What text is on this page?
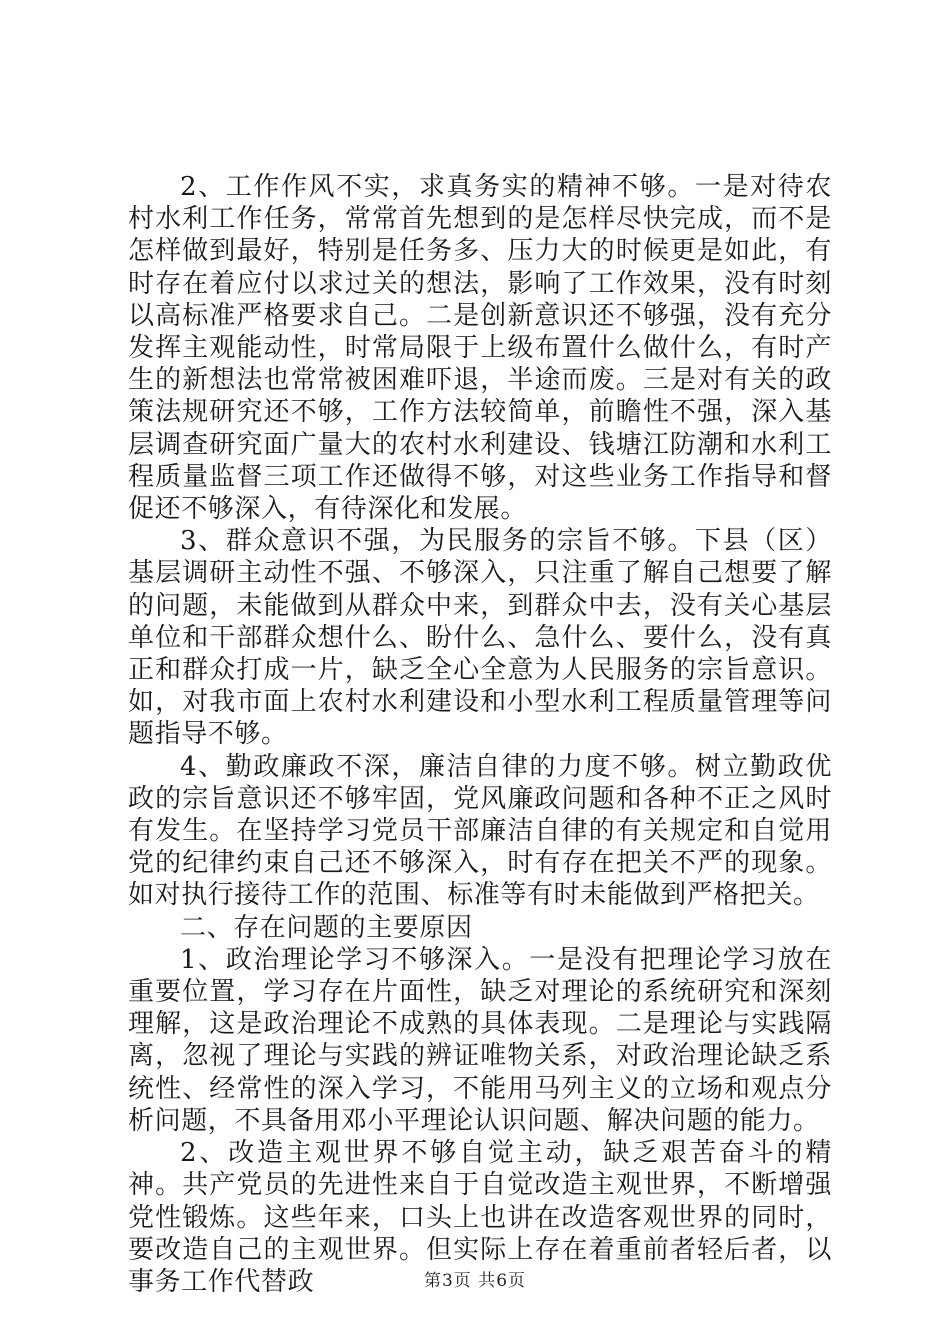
2、工作作风不实，求真务实的精神不够。一是对待农村水利工作任务，常常首先想到的是怎样尽快完成，而不是怎样做到最好，特别是任务多、压力大的时候更是如此，有时存在着应付以求过关的想法，影响了工作效果，没有时刻以高标准严格要求自己。二是创新意识还不够强，没有充分发挥主观能动性，时常局限于上级布置什么做什么，有时产生的新想法也常常被困难吓退，半途而废。三是对有关的政策法规研究还不够，工作方法较简单，前瞻性不强，深入基层调查研究面广量大的农村水利建设、钱塘江防潮和水利工程质量监督三项工作还做得不够，对这些业务工作指导和督促还不够深入，有待深化和发展。

3、群众意识不强，为民服务的宗旨不够。下县（区）基层调研主动性不强、不够深入，只注重了解自己想要了解的问题，未能做到从群众中来，到群众中去，没有关心基层单位和干部群众想什么、盼什么、急什么、要什么，没有真正和群众打成一片，缺乏全心全意为人民服务的宗旨意识。如，对我市面上农村水利建设和小型水利工程质量管理等问题指导不够。

4、勤政廉政不深，廉洁自律的力度不够。树立勤政优政的宗旨意识还不够牢固，党风廉政问题和各种不正之风时有发生。在坚持学习党员干部廉洁自律的有关规定和自觉用党的纪律约束自己还不够深入，时有存在把关不严的现象。如对执行接待工作的范围、标准等有时未能做到严格把关。

二、存在问题的主要原因

1、政治理论学习不够深入。一是没有把理论学习放在重要位置，学习存在片面性，缺乏对理论的系统研究和深刻理解，这是政治理论不成熟的具体表现。二是理论与实践隔离，忽视了理论与实践的辨证唯物关系，对政治理论缺乏系统性、经常性的深入学习，不能用马列主义的立场和观点分析问题，不具备用邓小平理论认识问题、解决问题的能力。

2、改造主观世界不够自觉主动，缺乏艰苦奋斗的精神。共产党员的先进性来自于自觉改造主观世界，不断增强党性锻炼。这些年来，口头上也讲在改造客观世界的同时，要改造自己的主观世界。但实际上存在着重前者轻后者，以事务工作代替政	第3页 共6页
